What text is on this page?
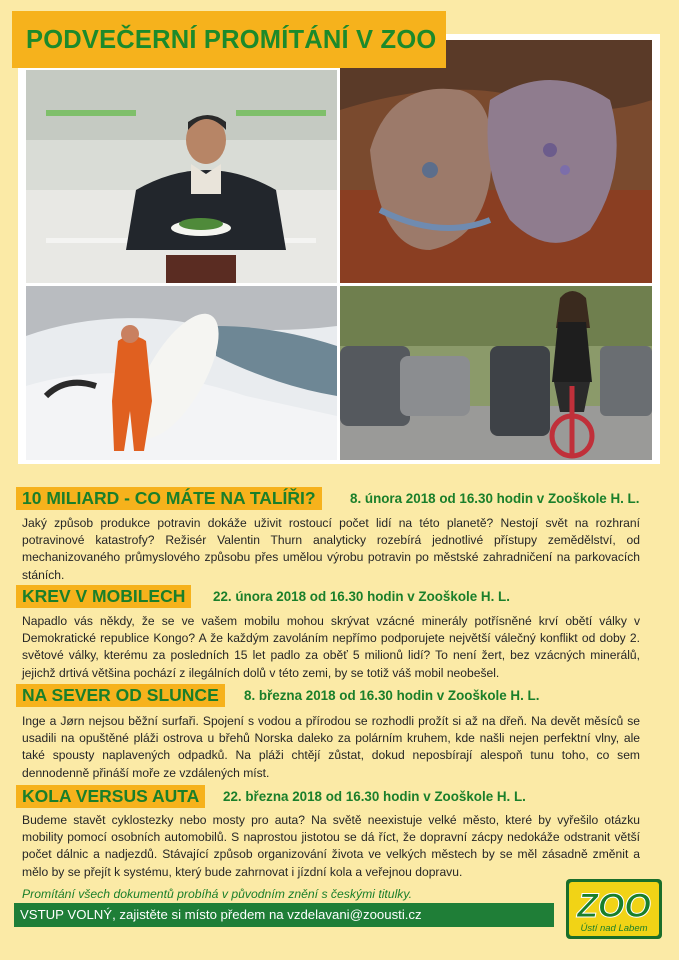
PODVEČERNÍ PROMÍTÁNÍ V ZOO
10 MILIARD - CO MÁTE NA TALÍŘI?	8. února 2018 od 16.30 hodin v Zooškole H. L.

Jaký způsob produkce potravin dokáže uživit rostoucí počet lidí na této planetě? Nestojí svět na rozhraní potravinové katastrofy? Režisér Valentin Thurn analyticky rozebírá jednotlivé přístupy zemědělství, od mechanizovaného průmyslového způsobu přes umělou výrobu potravin po městské zahradničení na parkovacích stáních.

KREV V MOBILECH	22. února 2018 od 16.30 hodin v Zooškole H. L.

Napadlo vás někdy, že se ve vašem mobilu mohou skrývat vzácné minerály potřísněné krví obětí války v Demokratické republice Kongo? A že každým zavoláním nepřímo podporujete největší válečný konflikt od doby 2. světové války, kterému za posledních 15 let padlo za oběť 5 milionů lidí? To není žert, bez vzácných minerálů, jejichž drtivá většina pochází z ilegálních dolů v této zemi, by se totiž váš mobil neobešel.

NA SEVER OD SLUNCE	8. března 2018 od 16.30 hodin v Zooškole H. L.

Inge a Jørn nejsou běžní surfaři. Spojení s vodou a přírodou se rozhodli prožít si až na dřeň. Na devět měsíců se usadili na opuštěné pláži ostrova u břehů Norska daleko za polárním kruhem, kde našli nejen perfektní vlny, ale také spousty naplavených odpadků. Na pláži chtějí zůstat, dokud neposbírají alespoň tunu toho, co sem dennodenně přináší moře ze vzdálených míst.

KOLA VERSUS AUTA	22. března 2018 od 16.30 hodin v Zooškole H. L.

Budeme stavět cyklostezky nebo mosty pro auta? Na světě neexistuje velké město, které by vyřešilo otázku mobility pomocí osobních automobilů. S naprostou jistotou se dá říct, že dopravní zácpy nedokáže odstranit větší počet dálnic a nadjezdů. Stávající způsob organizování života ve velkých městech by se měl zásadně změnit a mělo by se přejít k systému, který bude zahrnovat i jízdní kola a veřejnou dopravu.

Promítání všech dokumentů probíhá v původním znění s českými titulky.
VSTUP VOLNÝ, zajistěte si místo předem na vzdelavani@zoousti.cz	ZOO
Ústí nad Labem
